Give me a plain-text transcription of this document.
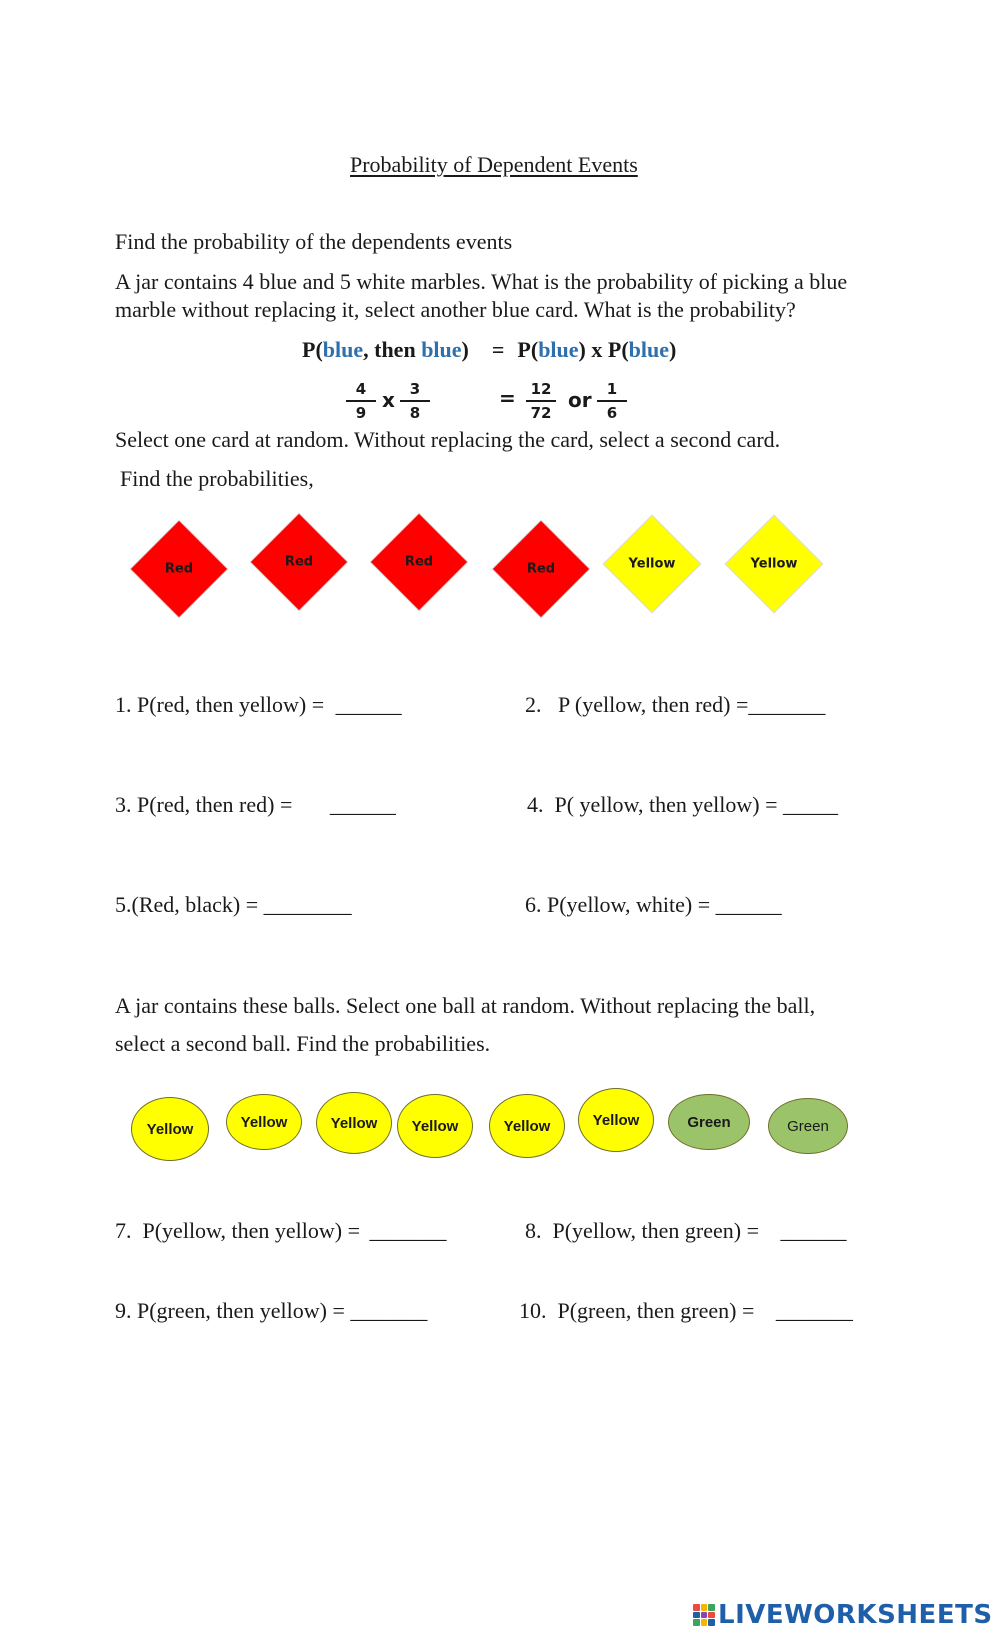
Probability of Dependent Events
Find the probability of the dependents events
A jar contains 4 blue and 5 white marbles. What is the probability of picking a blue
marble without replacing it, select another blue card. What is the probability?
P(blue, then blue) = P(blue) x P(blue)
$\frac{4}{9}$ x $\frac{3}{8}$	= $\frac{12}{72}$ or $\frac{1}{6}$
Select one card at random. Without replacing the card, select a second card.
Find the probabilities,
Red	Red	Red	Red	Yellow	Yellow
1. P(red, then yellow) = ______	2.   P (yellow, then red) =_______
3. P(red, then red) = ______	4.  P( yellow, then yellow) = _____
5.(Red, black) = ________	6. P(yellow, white) = ______
A jar contains these balls. Select one ball at random. Without replacing the ball,
select a second ball. Find the probabilities.
Yellow	Yellow	Yellow Yellow	Yellow	Yellow	Green	Green
7.  P(yellow, then yellow) = _______	8.  P(yellow, then green) = ______
9. P(green, then yellow) = _______	10.  P(green, then green) = _______
LIVEWORKSHEETS
